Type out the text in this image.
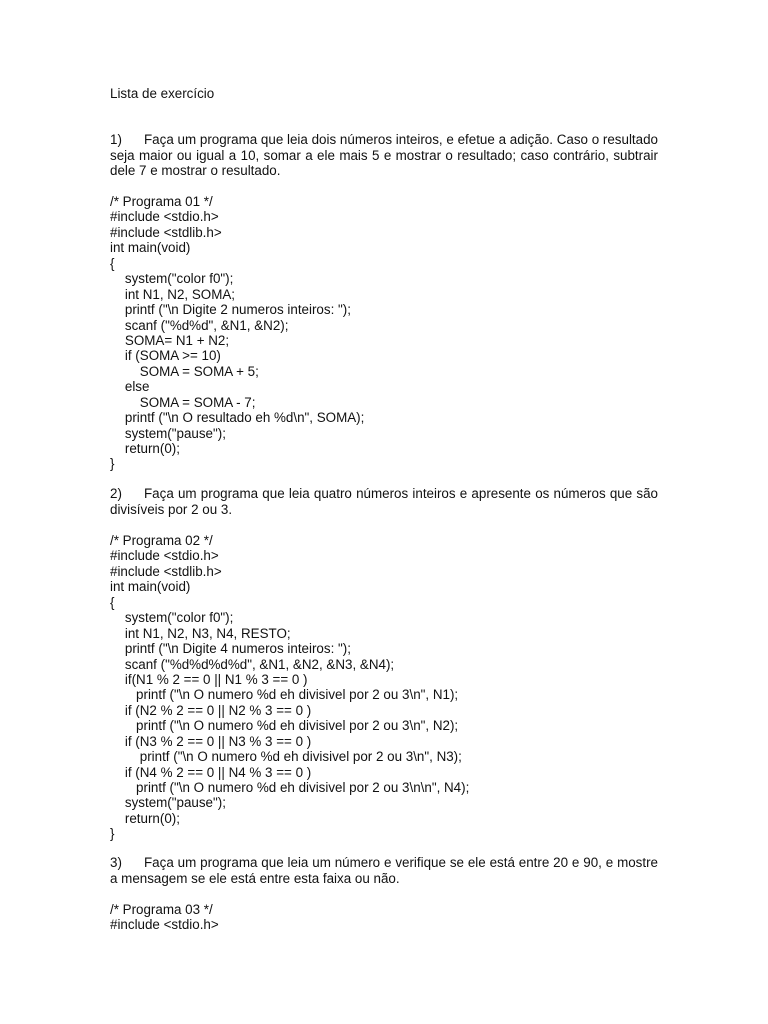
Lista de exercício
1) Faça um programa que leia dois números inteiros, e efetue a adição. Caso o resultado seja maior ou igual a 10, somar a ele mais 5 e mostrar o resultado; caso contrário, subtrair dele 7 e mostrar o resultado.
/* Programa 01 */
#include <stdio.h>
#include <stdlib.h>
int main(void)
{
system("color f0");
int N1, N2, SOMA;
printf ("\n Digite 2 numeros inteiros: ");
scanf ("%d%d", &N1, &N2);
SOMA= N1 + N2;
if (SOMA >= 10)
SOMA = SOMA + 5;
else
SOMA = SOMA - 7;
printf ("\n O resultado eh %d\n", SOMA);
system("pause");
return(0);
}
2) Faça um programa que leia quatro números inteiros e apresente os números que são divisíveis por 2 ou 3.
/* Programa 02 */
#include <stdio.h>
#include <stdlib.h>
int main(void)
{
system("color f0");
int N1, N2, N3, N4, RESTO;
printf ("\n Digite 4 numeros inteiros: ");
scanf ("%d%d%d%d", &N1, &N2, &N3, &N4);
if(N1 % 2 == 0 || N1 % 3 == 0 )
printf ("\n O numero %d eh divisivel por 2 ou 3\n", N1);
if (N2 % 2 == 0 || N2 % 3 == 0 )
printf ("\n O numero %d eh divisivel por 2 ou 3\n", N2);
if (N3 % 2 == 0 || N3 % 3 == 0 )
printf ("\n O numero %d eh divisivel por 2 ou 3\n", N3);
if (N4 % 2 == 0 || N4 % 3 == 0 )
printf ("\n O numero %d eh divisivel por 2 ou 3\n\n", N4);
system("pause");
return(0);
}
3) Faça um programa que leia um número e verifique se ele está entre 20 e 90, e mostre a mensagem se ele está entre esta faixa ou não.
/* Programa 03 */
#include <stdio.h>
